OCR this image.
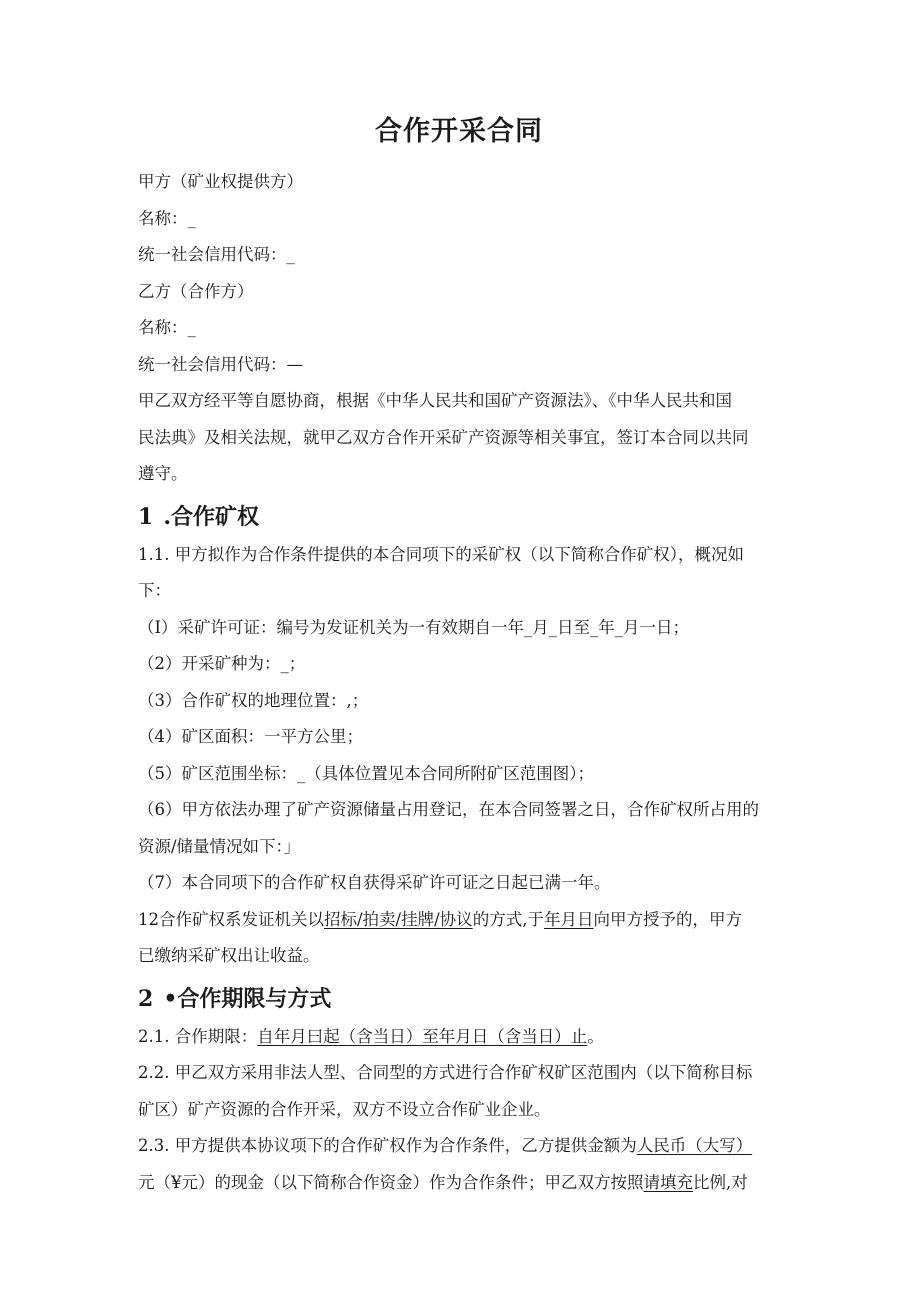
合作开采合同

甲方（矿业权提供方）

名称：_

统一社会信用代码：_

乙方（合作方）

名称：_

统一社会信用代码：—

甲乙双方经平等自愿协商，根据《中华人民共和国矿产资源法》、《中华人民共和国
民法典》及相关法规，就甲乙双方合作开采矿产资源等相关事宜，签订本合同以共同
遵守。
1 .合作矿权
1.1. 甲方拟作为合作条件提供的本合同项下的采矿权（以下简称合作矿权），概况如
下：

（I）采矿许可证：编号为发证机关为一有效期自一年_月_日至_年_月一日；

（2）开采矿种为：_；

（3）合作矿权的地理位置：,；

（4）矿区面积：一平方公里；

（5）矿区范围坐标：_（具体位置见本合同所附矿区范围图）；

（6）甲方依法办理了矿产资源储量占用登记，在本合同签署之日，合作矿权所占用的
资源/储量情况如下：」

（7）本合同项下的合作矿权自获得采矿许可证之日起已满一年。

12合作矿权系发证机关以招标/拍卖/挂牌/协议的方式,于年月日向甲方授予的，甲方
已缴纳采矿权出让收益。
2 •合作期限与方式

2.1. 合作期限：自年月曰起（含当日）至年月日（含当日）止。

2.2. 甲乙双方采用非法人型、合同型的方式进行合作矿权矿区范围内（以下简称目标
矿区）矿产资源的合作开采，双方不设立合作矿业企业。
2.3. 甲方提供本协议项下的合作矿权作为合作条件，乙方提供金额为人民币（大写）
元（¥元）的现金（以下简称合作资金）作为合作条件；甲乙双方按照请填充比例,对
